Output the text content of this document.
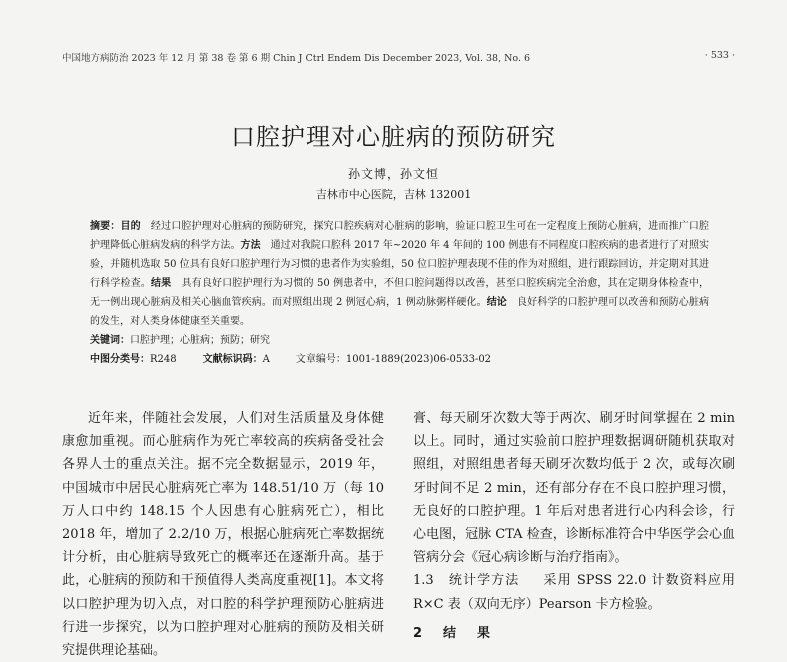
中国地方病防治 2023 年 12 月 第 38 卷 第 6 期 Chin J Ctrl Endem Dis December 2023, Vol. 38, No. 6	· 533 ·
口腔护理对心脏病的预防研究
孙文博，孙文恒
吉林市中心医院，吉林 132001

摘要：目的　经过口腔护理对心脏病的预防研究，探究口腔疾病对心脏病的影响，验证口腔卫生可在一定程度上预防心脏病，进而推广口腔护理降低心脏病发病的科学方法。方法　通过对我院口腔科 2017 年~2020 年 4 年间的 100 例患有不同程度口腔疾病的患者进行了对照实验，并随机选取 50 位具有良好口腔护理行为习惯的患者作为实验组，50 位口腔护理表现不佳的作为对照组，进行跟踪回访，并定期对其进行科学检查。结果　具有良好口腔护理行为习惯的 50 例患者中，不但口腔问题得以改善，甚至口腔疾病完全治愈，其在定期身体检查中，无一例出现心脏病及相关心脑血管疾病。而对照组出现 2 例冠心病，1 例动脉粥样硬化。结论　良好科学的口腔护理可以改善和预防心脏病的发生，对人类身体健康至关重要。

关键词：口腔护理；心脏病；预防；研究

中图分类号：R248	文献标识码：A	文章编号：1001-1889(2023)06-0533-02

近年来，伴随社会发展，人们对生活质量及身体健康愈加重视。而心脏病作为死亡率较高的疾病备受社会各界人士的重点关注。据不完全数据显示，2019 年，中国城市中居民心脏病死亡率为 148.51/10 万（每 10 万人口中约 148.15 个人因患有心脏病死亡），相比 2018 年，增加了 2.2/10 万，根据心脏病死亡率数据统计分析，由心脏病导致死亡的概率还在逐渐升高。基于此，心脏病的预防和干预值得人类高度重视[1]。本文将以口腔护理为切入点，对口腔的科学护理预防心脏病进行进一步探究，以为口腔护理对心脏病的预防及相关研究提供理论基础。

膏、每天刷牙次数大等于两次、刷牙时间掌握在 2 min 以上。同时，通过实验前口腔护理数据调研随机获取对照组，对照组患者每天刷牙次数均低于 2 次，或每次刷牙时间不足 2 min，还有部分存在不良口腔护理习惯，无良好的口腔护理。1 年后对患者进行心内科会诊，行心电图，冠脉 CTA 检查，诊断标准符合中华医学会心血管病分会《冠心病诊断与治疗指南》。

1.3　 统计学方法　采用 SPSS 22.0 计数资料应用 R×C 表（双向无序）Pearson 卡方检验。

2　结　果
